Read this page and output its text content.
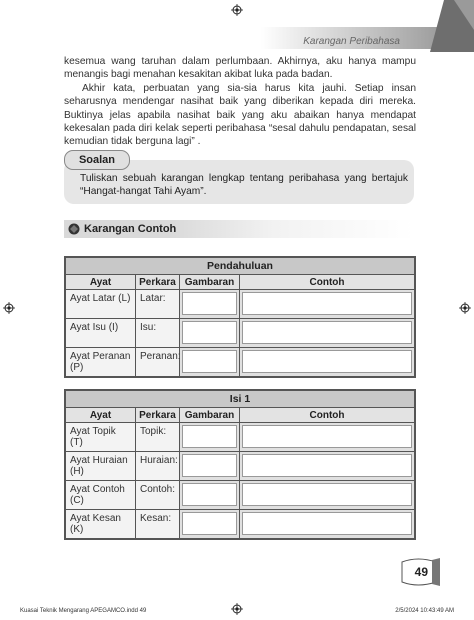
Karangan Peribahasa

kesemua wang taruhan dalam perlumbaan. Akhirnya, aku hanya mampu menangis bagi menahan kesakitan akibat luka pada badan.

Akhir kata, perbuatan yang sia-sia harus kita jauhi. Setiap insan seharusnya mendengar nasihat baik yang diberikan kepada diri mereka. Buktinya jelas apabila nasihat baik yang aku abaikan hanya mendapat kekesalan pada diri kelak seperti peribahasa “sesal dahulu pendapatan, sesal kemudian tidak berguna lagi” .

Soalan
Tuliskan sebuah karangan lengkap tentang peribahasa yang bertajuk “Hangat-hangat Tahi Ayam”.
Karangan Contoh
Pendahuluan			
Ayat	Perkara	Gambaran	Contoh
Ayat Latar (L)	Latar:	

Ayat Isu (I)	Isu:	

Ayat Peranan (P)	Peranan:	

Isi 1			
Ayat	Perkara	Gambaran	Contoh
Ayat Topik (T)	Topik:	

Ayat Huraian (H)	Huraian:	

Ayat Contoh (C)	Contoh:	

Ayat Kesan (K)	Kesan:	

49
Kuasai Teknik Mengarang APEGAMCO.indd 49	2/5/2024 10:43:49 AM
